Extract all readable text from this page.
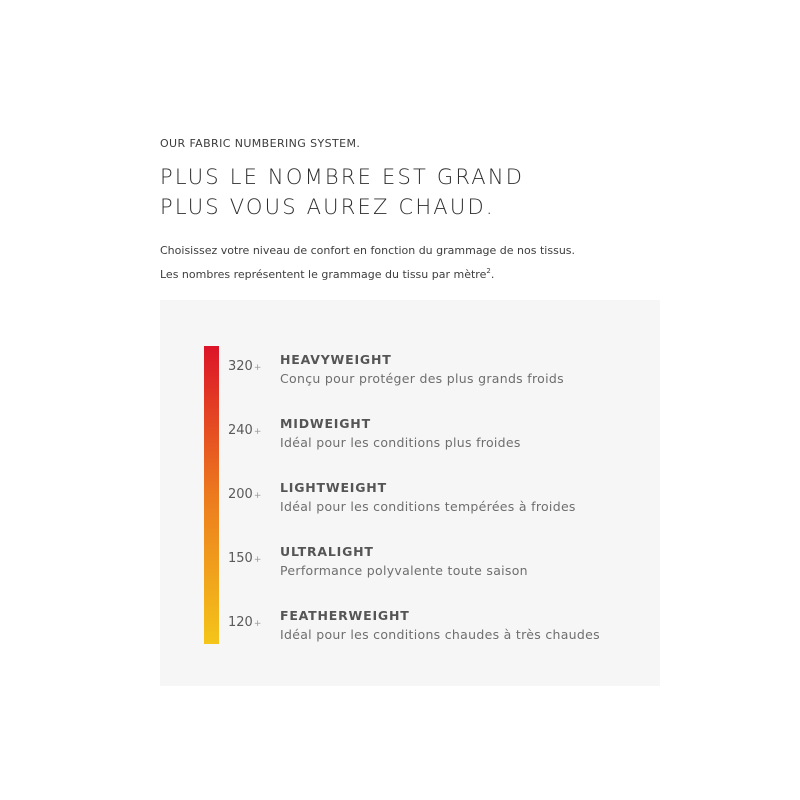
OUR FABRIC NUMBERING SYSTEM.

PLUS LE NOMBRE EST GRAND
PLUS VOUS AUREZ CHAUD.

Choisissez votre niveau de confort en fonction du grammage de nos tissus.
Les nombres représentent le grammage du tissu par mètre$^2$.

320+
HEAVYWEIGHT
Conçu pour protéger des plus grands froids
240+
MIDWEIGHT
Idéal pour les conditions plus froides
200+
LIGHTWEIGHT
Idéal pour les conditions tempérées à froides
150+
ULTRALIGHT
Performance polyvalente toute saison
120+
FEATHERWEIGHT
Idéal pour les conditions chaudes à très chaudes
